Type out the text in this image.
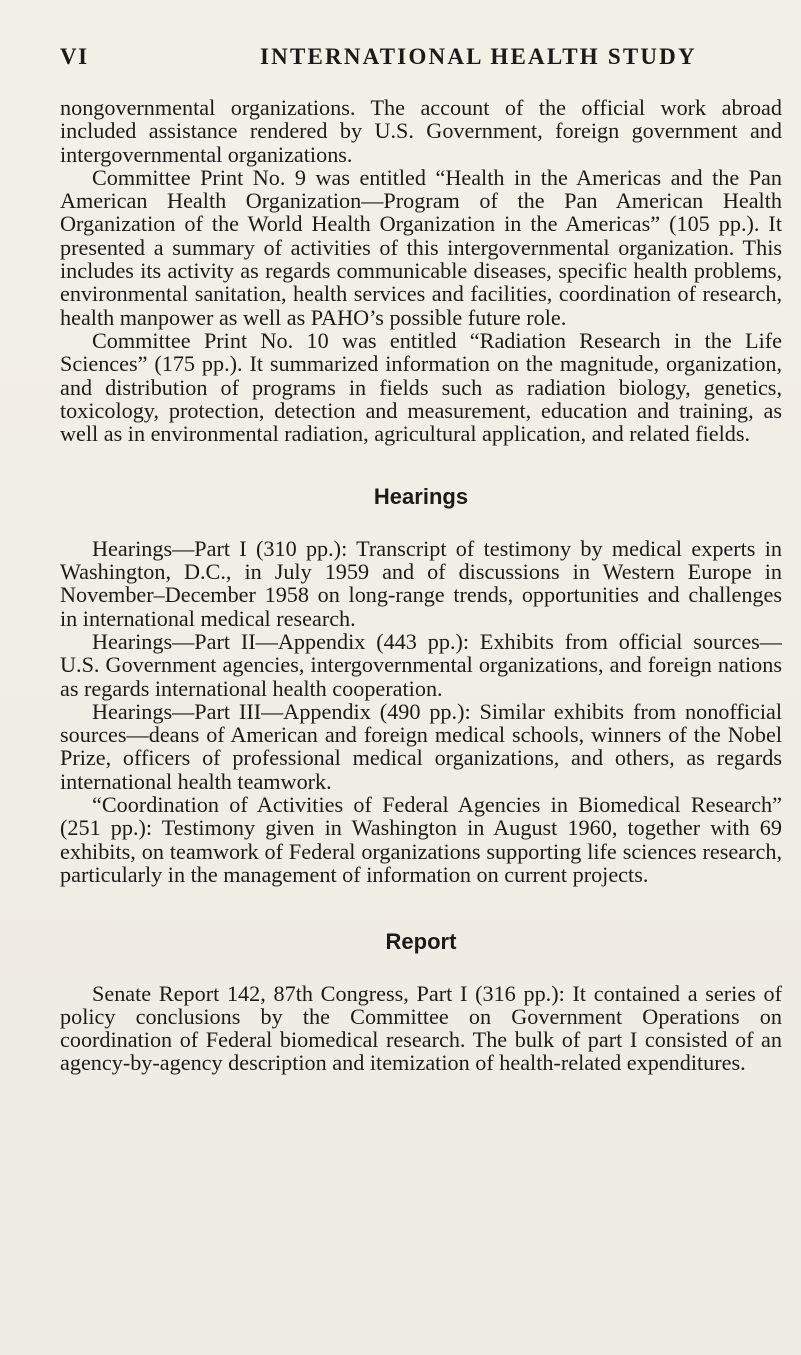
VI	INTERNATIONAL HEALTH STUDY

nongovernmental organizations. The account of the official work abroad included assistance rendered by U.S. Government, foreign government and intergovernmental organizations.

Committee Print No. 9 was entitled “Health in the Americas and the Pan American Health Organization—Program of the Pan American Health Organization of the World Health Organization in the Americas” (105 pp.). It presented a summary of activities of this intergovernmental organization. This includes its activity as regards communicable diseases, specific health problems, environmental sanitation, health services and facilities, coordination of research, health manpower as well as PAHO’s possible future role.

Committee Print No. 10 was entitled “Radiation Research in the Life Sciences” (175 pp.). It summarized information on the magnitude, organization, and distribution of programs in fields such as radiation biology, genetics, toxicology, protection, detection and measurement, education and training, as well as in environmental radiation, agricultural application, and related fields.

Hearings

Hearings—Part I (310 pp.): Transcript of testimony by medical experts in Washington, D.C., in July 1959 and of discussions in Western Europe in November–December 1958 on long-range trends, opportunities and challenges in international medical research.

Hearings—Part II—Appendix (443 pp.): Exhibits from official sources—U.S. Government agencies, intergovernmental organizations, and foreign nations as regards international health cooperation.

Hearings—Part III—Appendix (490 pp.): Similar exhibits from nonofficial sources—deans of American and foreign medical schools, winners of the Nobel Prize, officers of professional medical organizations, and others, as regards international health teamwork.

“Coordination of Activities of Federal Agencies in Biomedical Research” (251 pp.): Testimony given in Washington in August 1960, together with 69 exhibits, on teamwork of Federal organizations supporting life sciences research, particularly in the management of information on current projects.

Report

Senate Report 142, 87th Congress, Part I (316 pp.): It contained a series of policy conclusions by the Committee on Government Operations on coordination of Federal biomedical research. The bulk of part I consisted of an agency-by-agency description and itemization of health-related expenditures.
